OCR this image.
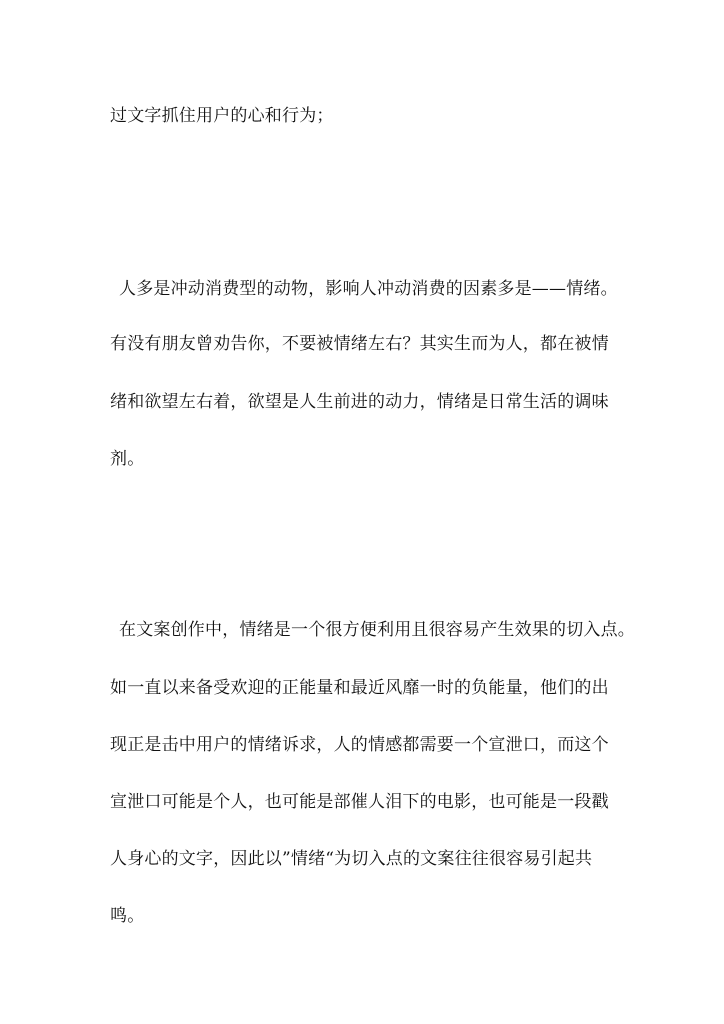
过文字抓住用户的心和行为；

人多是冲动消费型的动物，影响人冲动消费的因素多是——情绪。

有没有朋友曾劝告你，不要被情绪左右？其实生而为人，都在被情

绪和欲望左右着，欲望是人生前进的动力，情绪是日常生活的调味

剂。

在文案创作中，情绪是一个很方便利用且很容易产生效果的切入点。

如一直以来备受欢迎的正能量和最近风靡一时的负能量，他们的出

现正是击中用户的情绪诉求，人的情感都需要一个宣泄口，而这个

宣泄口可能是个人，也可能是部催人泪下的电影，也可能是一段戳

人身心的文字，因此以”情绪“为切入点的文案往往很容易引起共

鸣。
